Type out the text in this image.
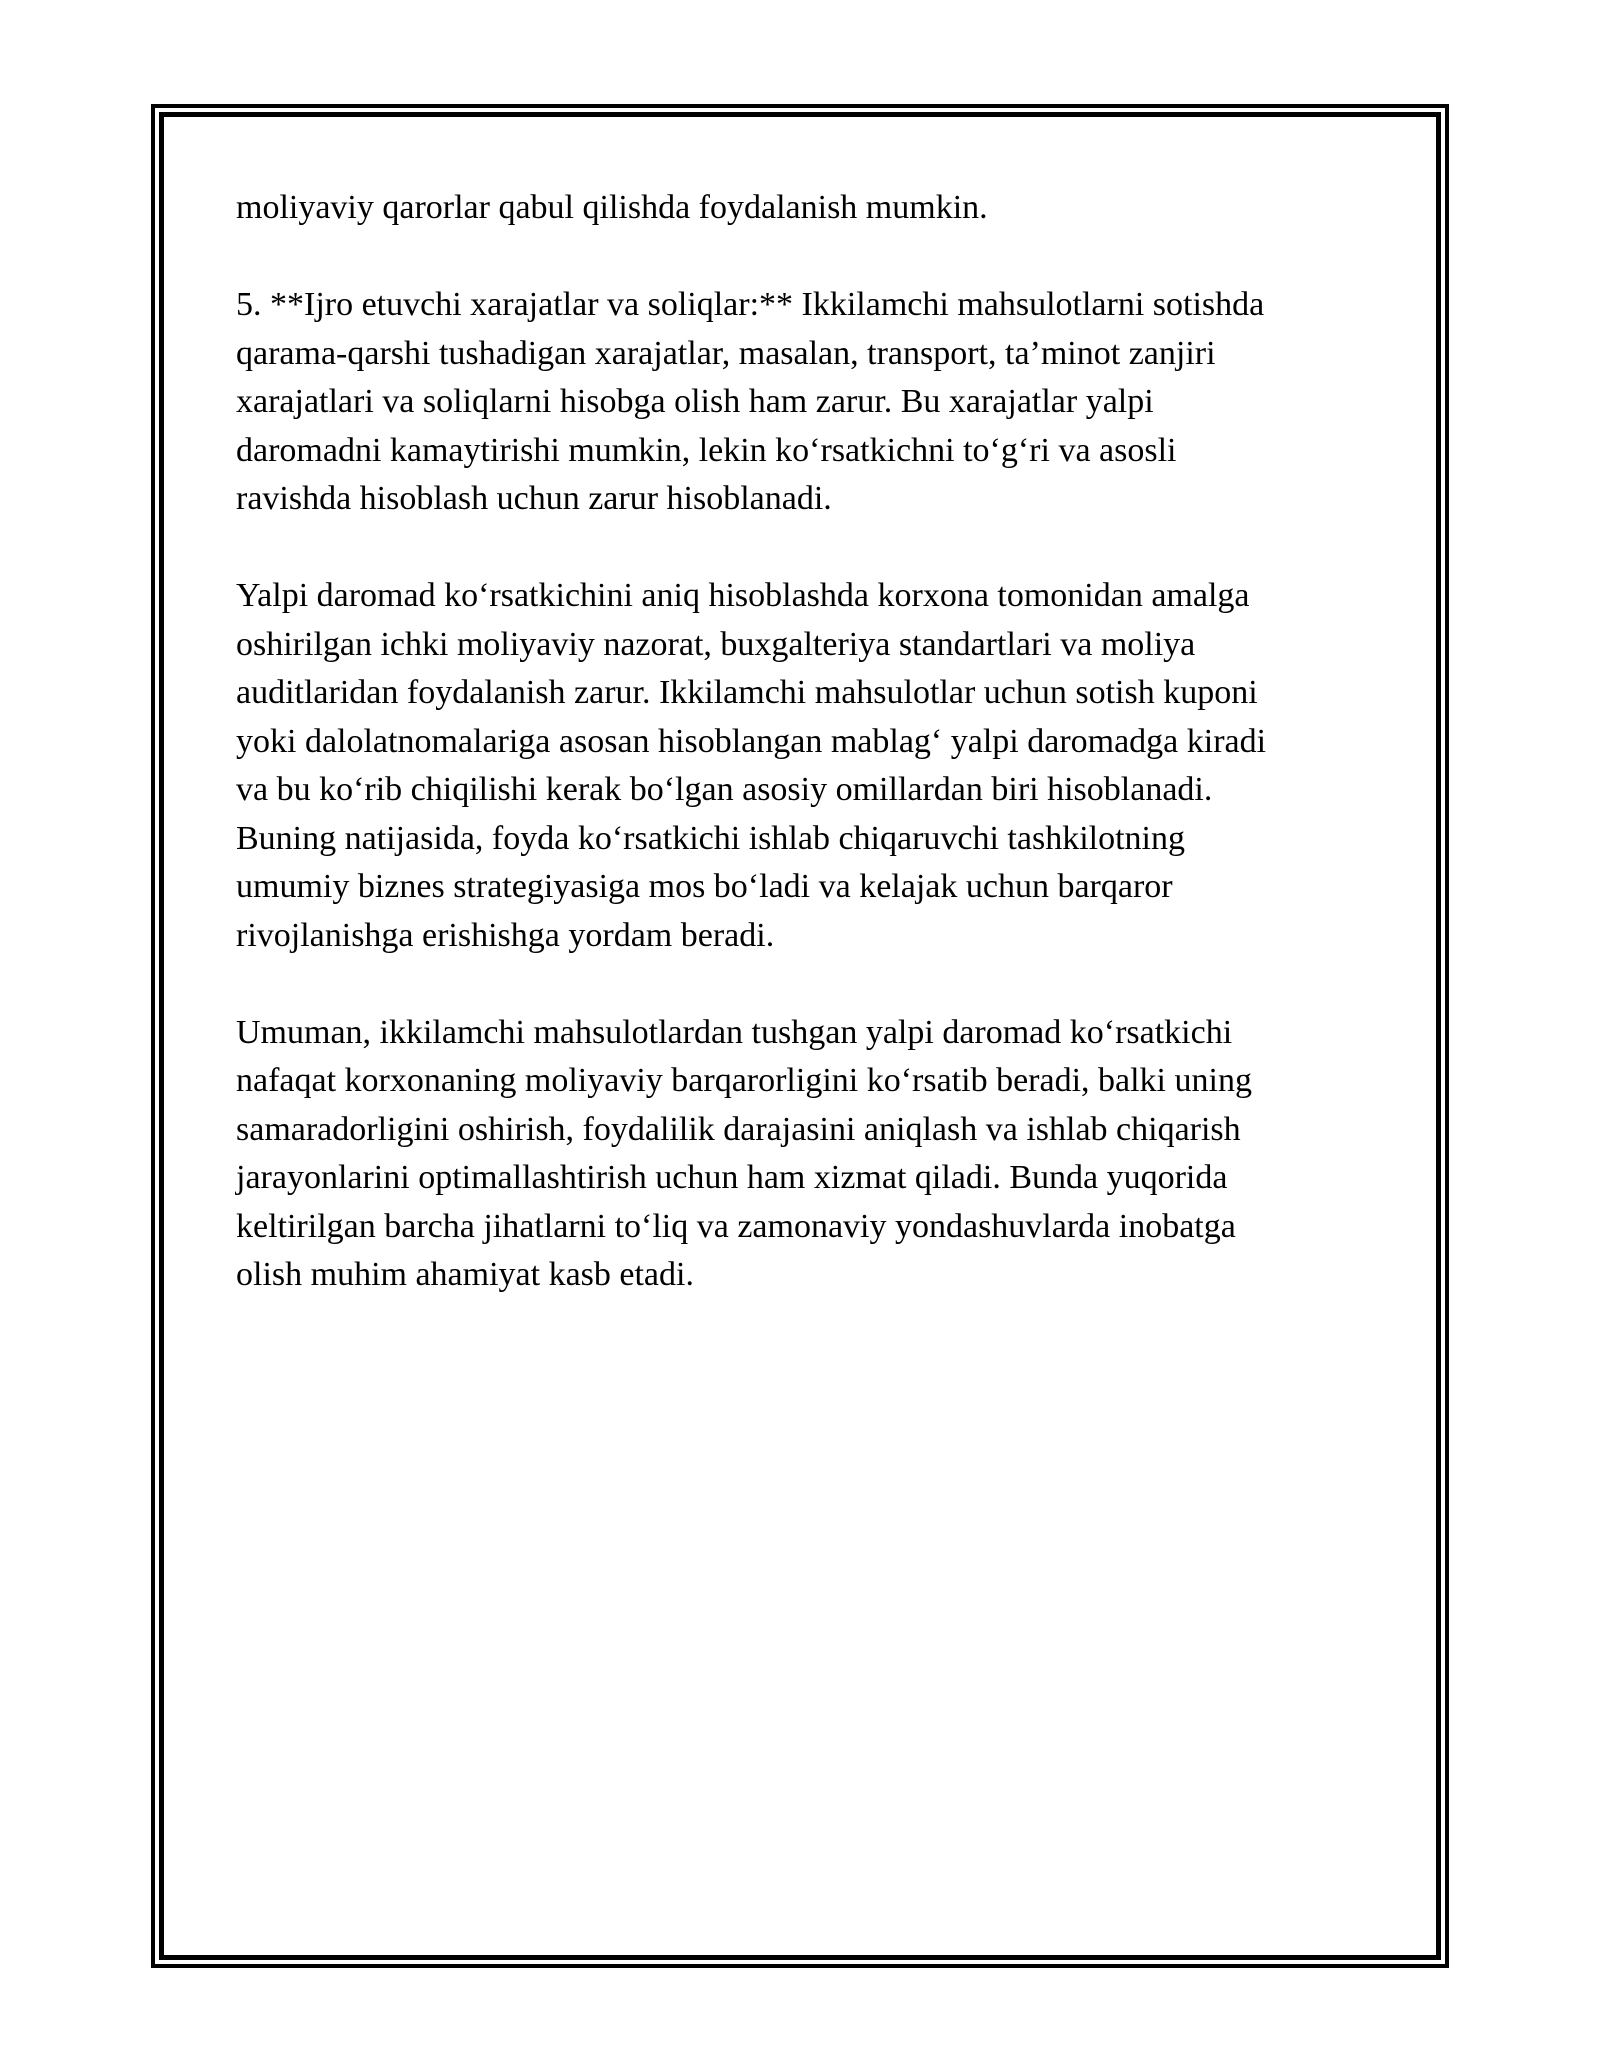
moliyaviy qarorlar qabul qilishda foydalanish mumkin.

5. **Ijro etuvchi xarajatlar va soliqlar:** Ikkilamchi mahsulotlarni sotishda
qarama-qarshi tushadigan xarajatlar, masalan, transport, ta’minot zanjiri
xarajatlari va soliqlarni hisobga olish ham zarur. Bu xarajatlar yalpi
daromadni kamaytirishi mumkin, lekin ko‘rsatkichni to‘g‘ri va asosli
ravishda hisoblash uchun zarur hisoblanadi.

Yalpi daromad ko‘rsatkichini aniq hisoblashda korxona tomonidan amalga
oshirilgan ichki moliyaviy nazorat, buxgalteriya standartlari va moliya
auditlaridan foydalanish zarur. Ikkilamchi mahsulotlar uchun sotish kuponi
yoki dalolatnomalariga asosan hisoblangan mablag‘ yalpi daromadga kiradi
va bu ko‘rib chiqilishi kerak bo‘lgan asosiy omillardan biri hisoblanadi.
Buning natijasida, foyda ko‘rsatkichi ishlab chiqaruvchi tashkilotning
umumiy biznes strategiyasiga mos bo‘ladi va kelajak uchun barqaror
rivojlanishga erishishga yordam beradi.

Umuman, ikkilamchi mahsulotlardan tushgan yalpi daromad ko‘rsatkichi
nafaqat korxonaning moliyaviy barqarorligini ko‘rsatib beradi, balki uning
samaradorligini oshirish, foydalilik darajasini aniqlash va ishlab chiqarish
jarayonlarini optimallashtirish uchun ham xizmat qiladi. Bunda yuqorida
keltirilgan barcha jihatlarni to‘liq va zamonaviy yondashuvlarda inobatga
olish muhim ahamiyat kasb etadi.
